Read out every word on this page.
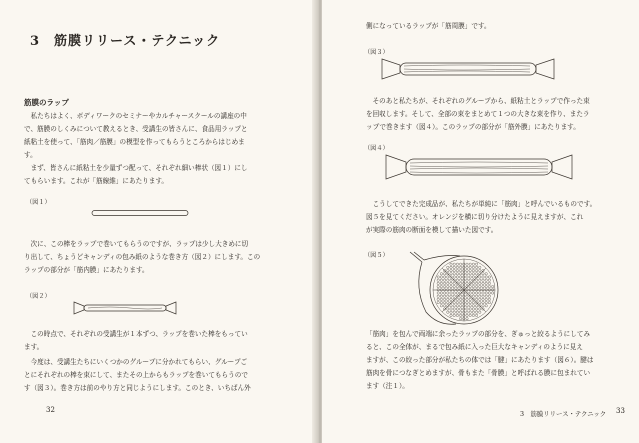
3　筋膜リリース・テクニック
筋膜のラップ
　私たちはよく、ボディワークのセミナーやカルチャースクールの講座の中
で、筋膜のしくみについて教えるとき、受講生の皆さんに、食品用ラップと
紙粘土を使って、「筋肉／筋膜」の模型を作ってもらうところからはじめま
す。
　まず、皆さんに紙粘土を少量ずつ配って、それぞれ細い棒状（図１）にし
てもらいます。これが「筋線維」にあたります。
（図１）
　次に、この棒をラップで巻いてもらうのですが、ラップは少し大きめに切
り出して、ちょうどキャンディの包み紙のような巻き方（図２）にします。この
ラップの部分が「筋内膜」にあたります。
（図２）
　この時点で、それぞれの受講生が１本ずつ、ラップを巻いた棒をもってい
ます。
　今度は、受講生たちにいくつかのグループに分かれてもらい、グループご
とにそれぞれの棒を束にして、またその上からもラップを巻いてもらうので
す（図３）。巻き方は前のやり方と同じようにします。このとき、いちばん外
32
側になっているラップが「筋周膜」です。
（図３）
　そのあと私たちが、それぞれのグループから、紙粘土とラップで作った束
を回収します。そして、全部の束をまとめて１つの大きな束を作り、またラ
ップで巻きます（図４）。このラップの部分が「筋外膜」にあたります。
（図４）
　こうしてできた完成品が、私たちが単純に「筋肉」と呼んでいるものです。
図５を見てください。オレンジを横に切り分けたように見えますが、これ
が実際の筋肉の断面を模して描いた図です。
（図５）
「筋肉」を包んで両端に余ったラップの部分を、ぎゅっと絞るようにしてみ
ると、この全体が、まるで包み紙に入った巨大なキャンディのように見え
ますが、この絞った部分が私たちの体では「腱」にあたります（図６）。腱は
筋肉を骨につなぎとめますが、骨もまた「骨膜」と呼ばれる膜に包まれてい
ます（注１）。
3　筋膜リリース・テクニック 33
